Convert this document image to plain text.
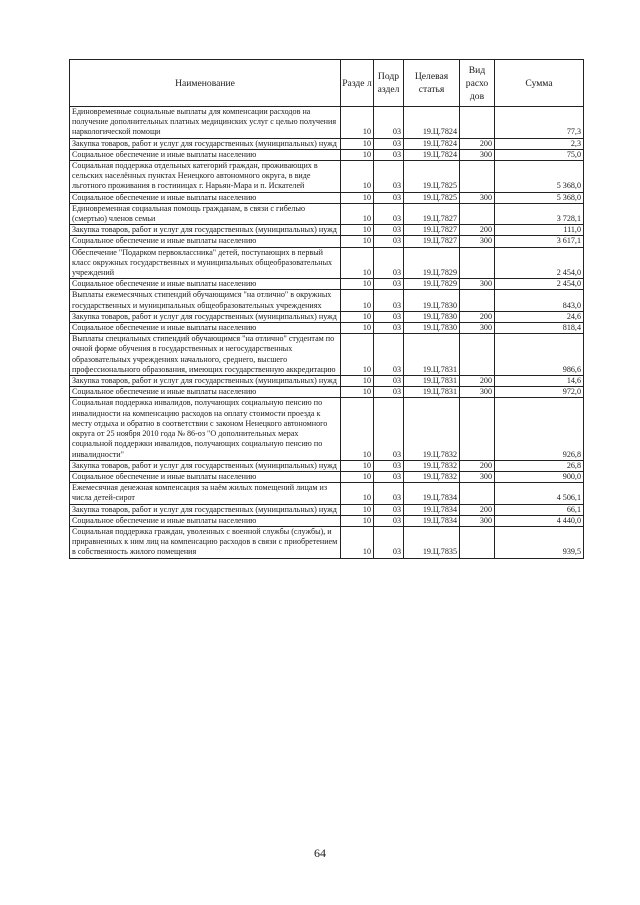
Наименование	Разде л	Подр аздел	Целевая статья	Вид расхо дов	Сумма
Единовременные социальные выплаты для компенсации расходов на получение дополнительных платных медицинских услуг с целью получения наркологической помощи	10	03	19.Ц.7824		77,3
Закупка товаров, работ и услуг для государственных (муниципальных) нужд	10	03	19.Ц.7824	200	2,3
Социальное обеспечение и иные выплаты населению	10	03	19.Ц.7824	300	75,0
Социальная поддержка отдельных категорий граждан, проживающих в сельских населённых пунктах Ненецкого автономного округа, в виде льготного проживания в гостиницах г. Нарьян-Мара и п. Искателей	10	03	19.Ц.7825		5 368,0
Социальное обеспечение и иные выплаты населению	10	03	19.Ц.7825	300	5 368,0
Единовременная социальная помощь гражданам, в связи с гибелью (смертью) членов семьи	10	03	19.Ц.7827		3 728,1
Закупка товаров, работ и услуг для государственных (муниципальных) нужд	10	03	19.Ц.7827	200	111,0
Социальное обеспечение и иные выплаты населению	10	03	19.Ц.7827	300	3 617,1
Обеспечение "Подарком первоклассника" детей, поступающих в первый класс окружных государственных и муниципальных общеобразовательных учреждений	10	03	19.Ц.7829		2 454,0
Социальное обеспечение и иные выплаты населению	10	03	19.Ц.7829	300	2 454,0
Выплаты ежемесячных стипендий обучающимся "на отлично" в окружных государственных и муниципальных общеобразовательных учреждениях	10	03	19.Ц.7830		843,0
Закупка товаров, работ и услуг для государственных (муниципальных) нужд	10	03	19.Ц.7830	200	24,6
Социальное обеспечение и иные выплаты населению	10	03	19.Ц.7830	300	818,4
Выплаты специальных стипендий обучающимся "на отлично" студентам по очной форме обучения в государственных и негосударственных образовательных учреждениях начального, среднего, высшего профессионального образования, имеющих государственную аккредитацию	10	03	19.Ц.7831		986,6
Закупка товаров, работ и услуг для государственных (муниципальных) нужд	10	03	19.Ц.7831	200	14,6
Социальное обеспечение и иные выплаты населению	10	03	19.Ц.7831	300	972,0
Социальная поддержка инвалидов, получающих социальную пенсию по инвалидности на компенсацию расходов на оплату стоимости проезда к месту отдыха и обратно в соответствии с законом Ненецкого автономного округа от 25 ноября 2010 года № 86-оз "О дополнительных мерах социальной поддержки инвалидов, получающих социальную пенсию по инвалидности"	10	03	19.Ц.7832		926,8
Закупка товаров, работ и услуг для государственных (муниципальных) нужд	10	03	19.Ц.7832	200	26,8
Социальное обеспечение и иные выплаты населению	10	03	19.Ц.7832	300	900,0
Ежемесячная денежная компенсация за наём жилых помещений лицам из числа детей-сирот	10	03	19.Ц.7834		4 506,1
Закупка товаров, работ и услуг для государственных (муниципальных) нужд	10	03	19.Ц.7834	200	66,1
Социальное обеспечение и иные выплаты населению	10	03	19.Ц.7834	300	4 440,0
Социальная поддержка граждан, уволенных с военной службы (службы), и приравненных к ним лиц на компенсацию расходов в связи с приобретением в собственность жилого помещения	10	03	19.Ц.7835		939,5
64
